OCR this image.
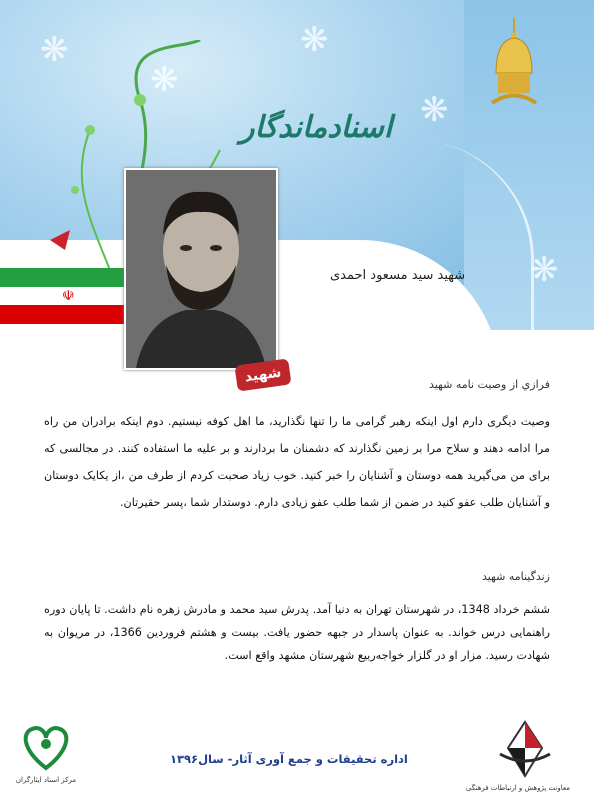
❋
❋
❋
❋
❋
❋
❋
اسنادماندگار
☫
شهید
شهید سید مسعود احمدی
فرازي از وصيت نامه شهيد
وصیت دیگری دارم اول اینکه رهبر گرامی ما را تنها نگذارید، ما اهل کوفه نیستیم. دوم اینکه برادران من راه مرا ادامه دهند و سلاح مرا بر زمین نگذارند که دشمنان ما بردارند و بر علیه ما استفاده کنند. در مجالسی که برای من می‌گیرید همه دوستان و آشنایان را خبر کنید. خوب زیاد صحبت کردم از طرف من ،از یکایک دوستان و آشنایان طلب عفو کنید در ضمن از شما طلب عفو زیادی دارم. دوستدار شما ،پسر حقیرتان.
زندگینامه شهید
ششم خرداد 1348، در شهرستان تهران به دنیا آمد. پدرش سید محمد و مادرش زهره نام داشت. تا پایان دوره راهنمایی درس خواند. به عنوان پاسدار در جبهه حضور یافت. بیست و هشتم فروردین 1366، در مریوان به شهادت رسید. مزار او در گلزار خواجه‌ربیع شهرستان مشهد واقع است.
مرکز اسناد ایثارگران
اداره تحقیقات و جمع آوری آثار- سال۱۳۹۶
معاونت پژوهش و ارتباطات فرهنگی
